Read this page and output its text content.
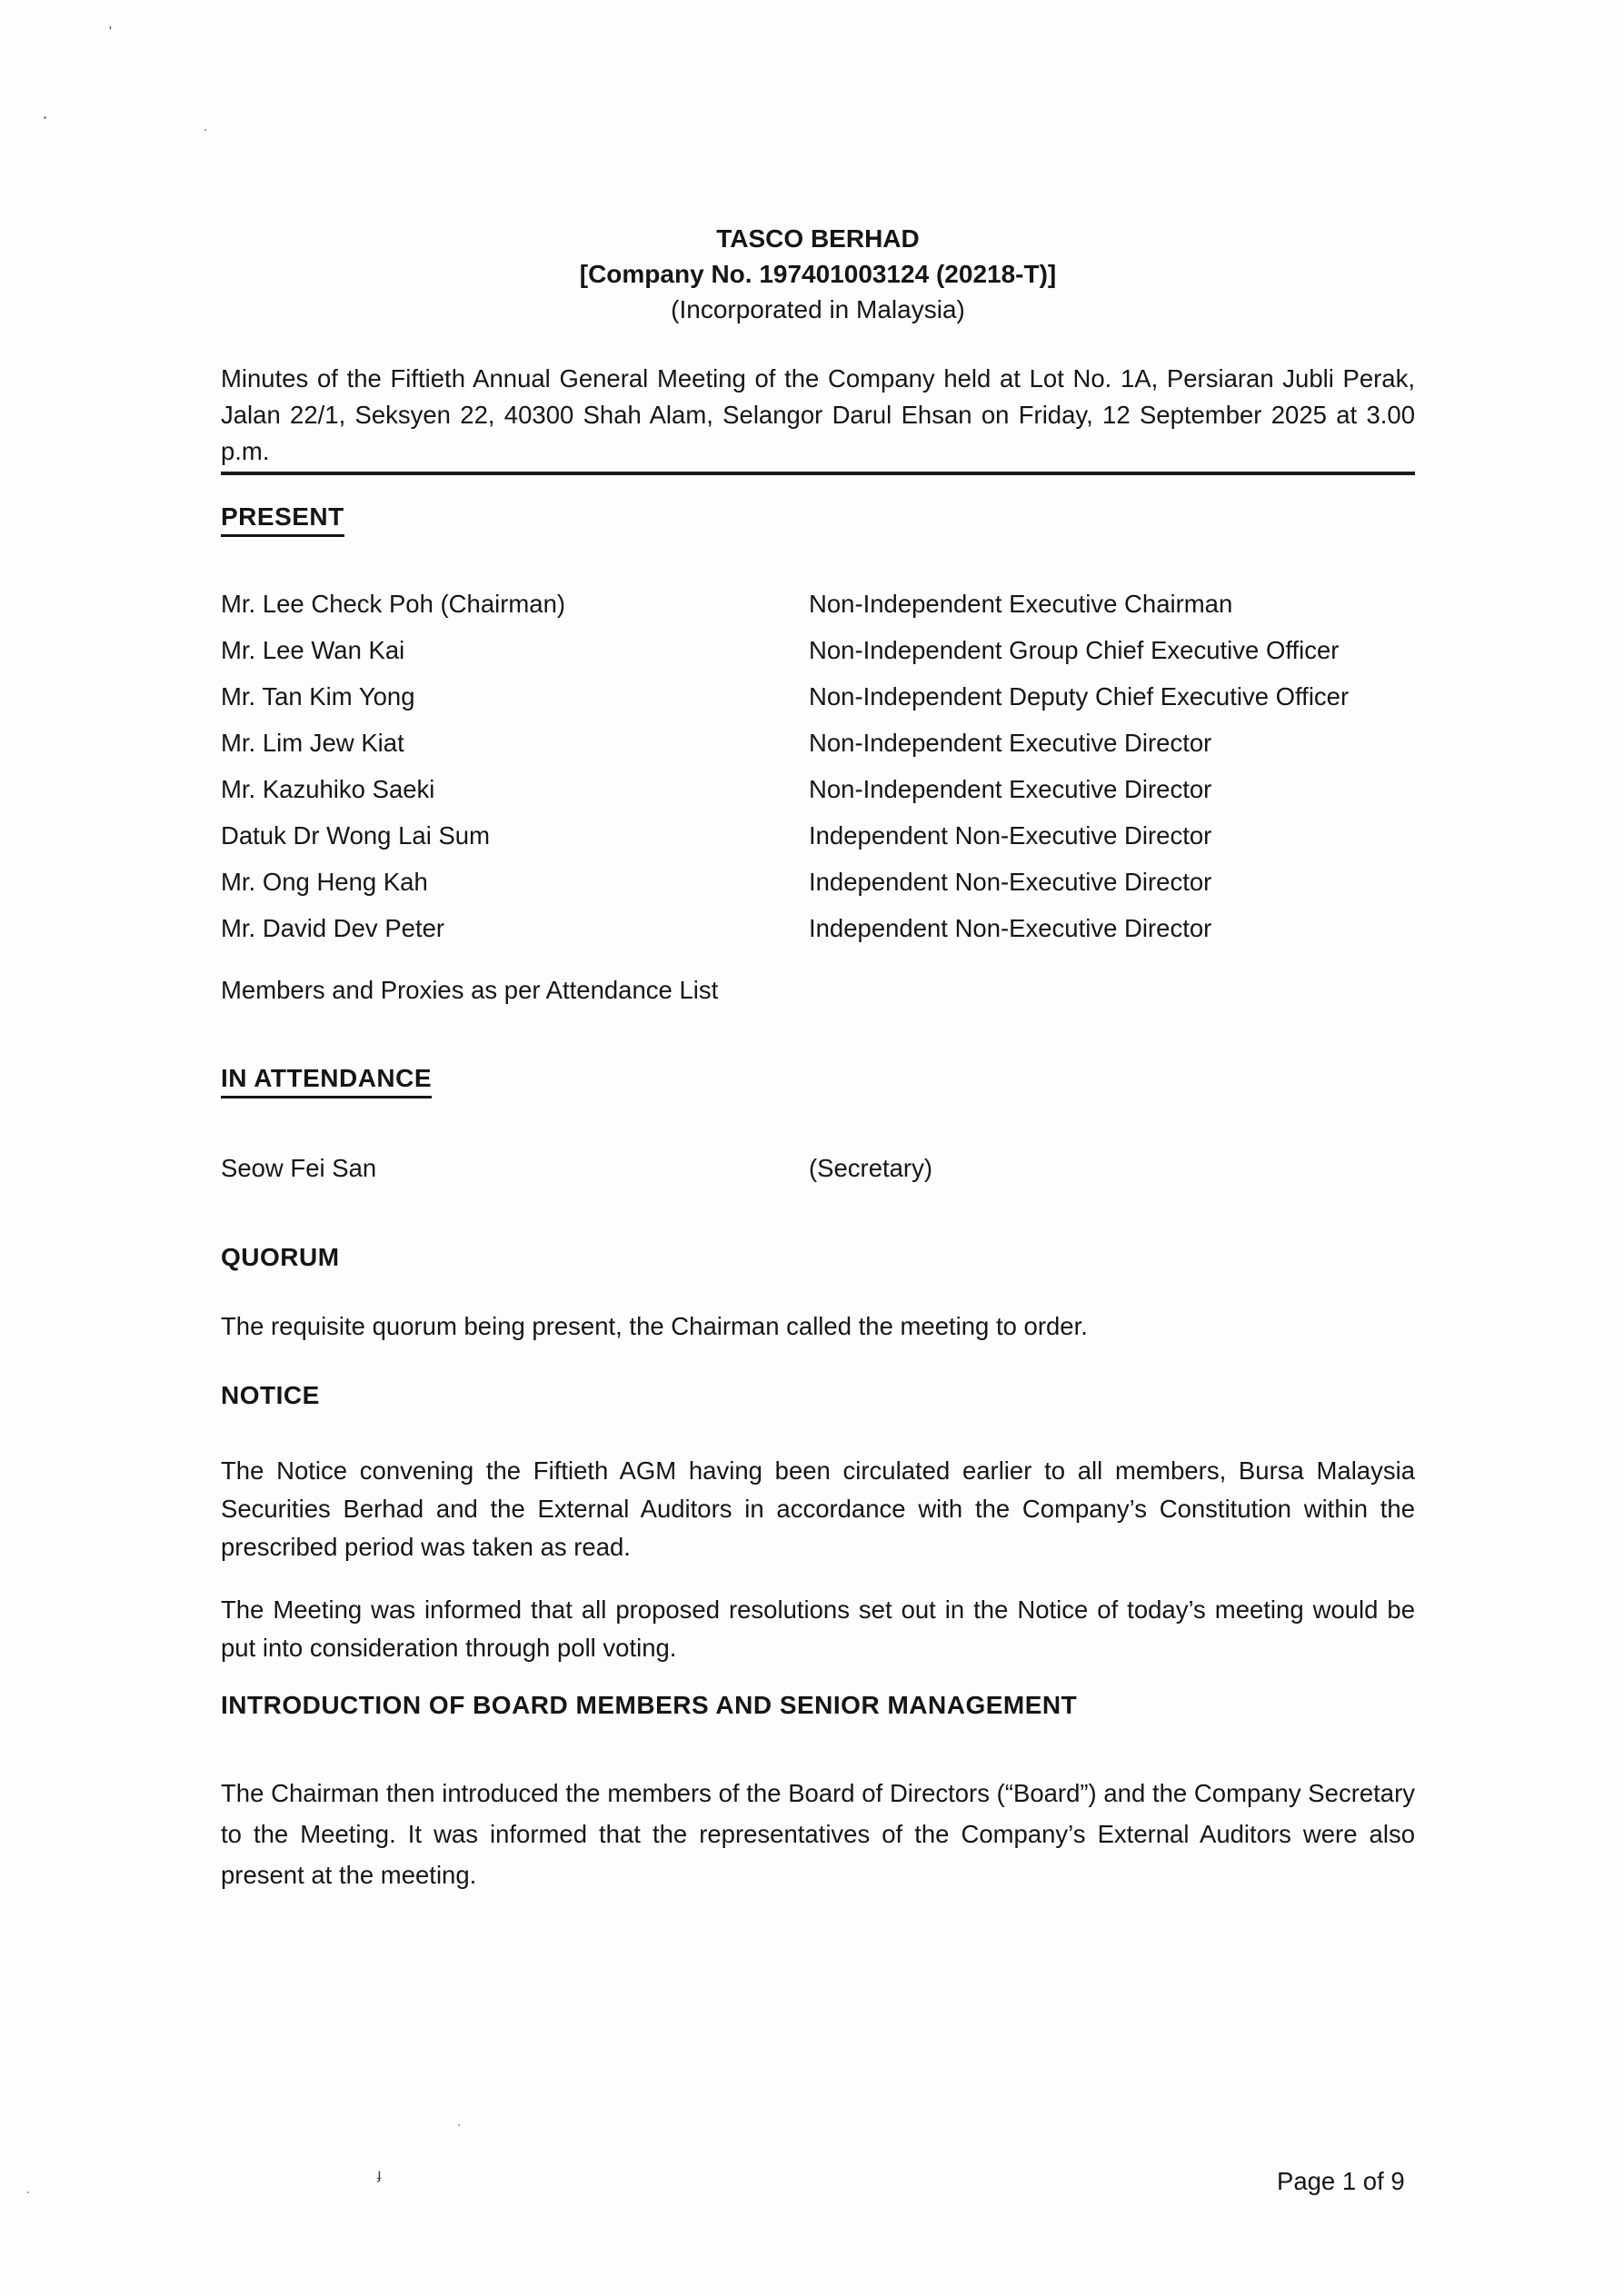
ʾ
ɟ
TASCO BERHAD
[Company No. 197401003124 (20218-T)]
(Incorporated in Malaysia)
Minutes of the Fiftieth Annual General Meeting of the Company held at Lot No. 1A, Persiaran Jubli Perak, Jalan 22/1, Seksyen 22, 40300 Shah Alam, Selangor Darul Ehsan on Friday, 12 September 2025 at 3.00 p.m.
PRESENT
Mr. Lee Check Poh (Chairman)	Non-Independent Executive Chairman
Mr. Lee Wan Kai	Non-Independent Group Chief Executive Officer
Mr. Tan Kim Yong	Non-Independent Deputy Chief Executive Officer
Mr. Lim Jew Kiat	Non-Independent Executive Director
Mr. Kazuhiko Saeki	Non-Independent Executive Director
Datuk Dr Wong Lai Sum	Independent Non-Executive Director
Mr. Ong Heng Kah	Independent Non-Executive Director
Mr. David Dev Peter	Independent Non-Executive Director
Members and Proxies as per Attendance List
IN ATTENDANCE
Seow Fei San	(Secretary)
QUORUM
The requisite quorum being present, the Chairman called the meeting to order.
NOTICE
The Notice convening the Fiftieth AGM having been circulated earlier to all members, Bursa Malaysia Securities Berhad and the External Auditors in accordance with the Company’s Constitution within the prescribed period was taken as read.
The Meeting was informed that all proposed resolutions set out in the Notice of today’s meeting would be put into consideration through poll voting.
INTRODUCTION OF BOARD MEMBERS AND SENIOR MANAGEMENT
The Chairman then introduced the members of the Board of Directors (“Board”) and the Company Secretary to the Meeting. It was informed that the representatives of the Company’s External Auditors were also present at the meeting.
Page 1 of 9
